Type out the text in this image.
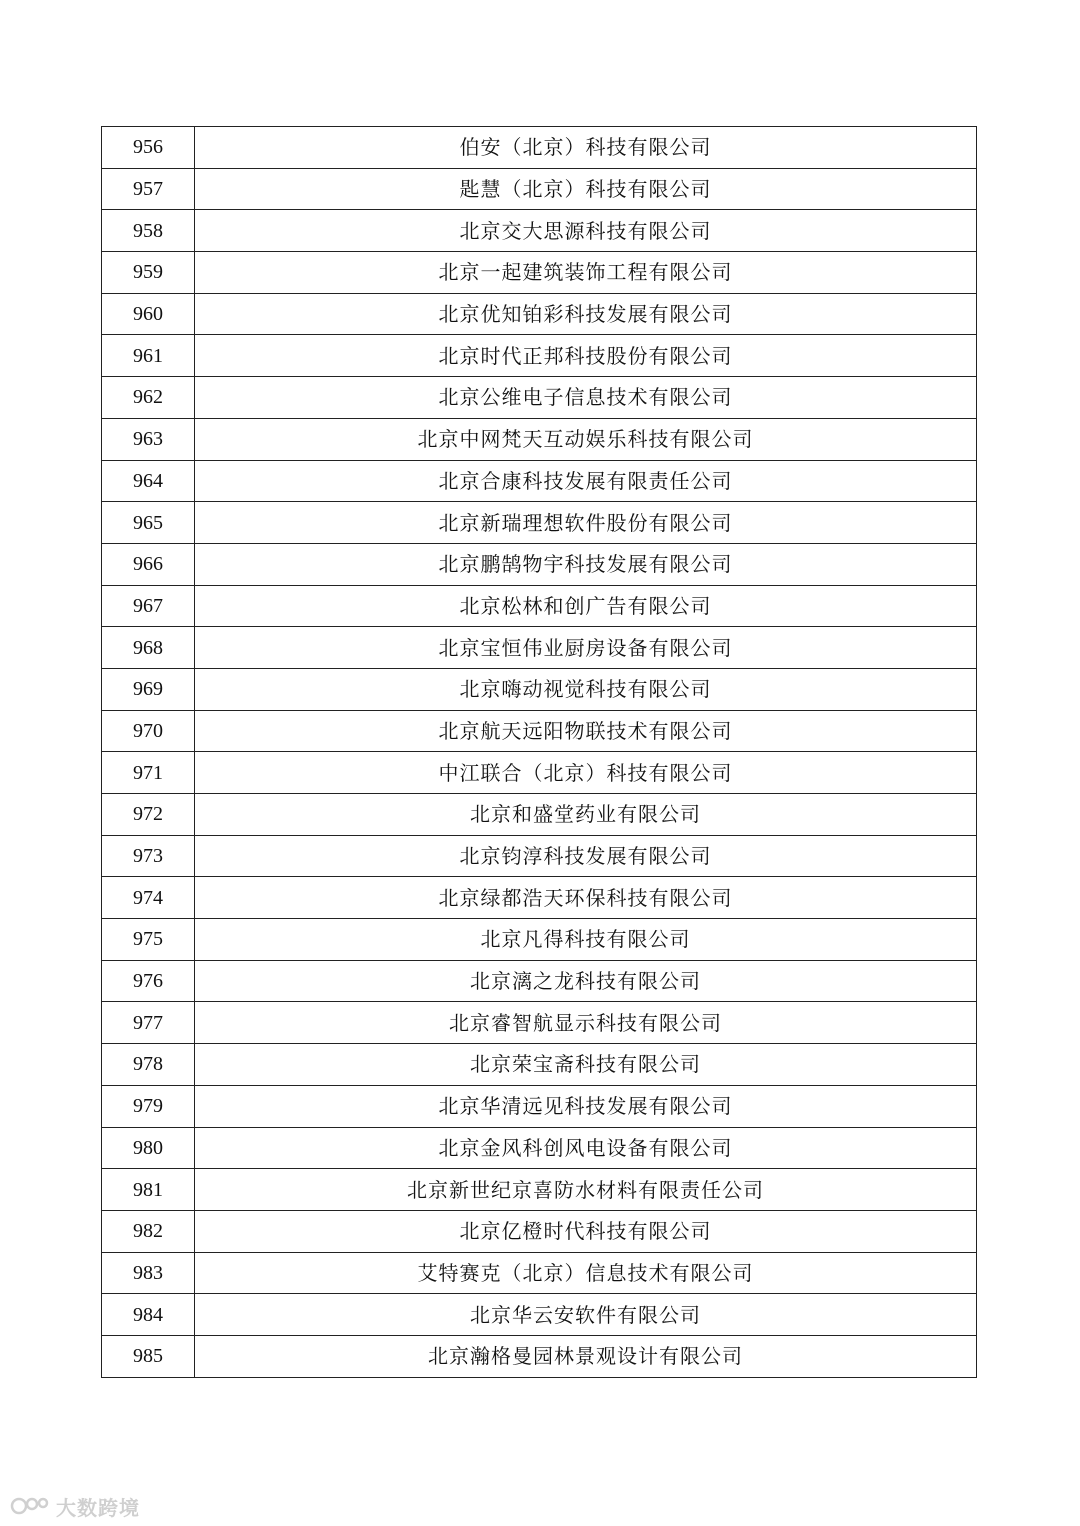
956	伯安（北京）科技有限公司
957	匙慧（北京）科技有限公司
958	北京交大思源科技有限公司
959	北京一起建筑装饰工程有限公司
960	北京优知铂彩科技发展有限公司
961	北京时代正邦科技股份有限公司
962	北京公维电子信息技术有限公司
963	北京中网梵天互动娱乐科技有限公司
964	北京合康科技发展有限责任公司
965	北京新瑞理想软件股份有限公司
966	北京鹏鹄物宇科技发展有限公司
967	北京松林和创广告有限公司
968	北京宝恒伟业厨房设备有限公司
969	北京嗨动视觉科技有限公司
970	北京航天远阳物联技术有限公司
971	中江联合（北京）科技有限公司
972	北京和盛堂药业有限公司
973	北京钧淳科技发展有限公司
974	北京绿都浩天环保科技有限公司
975	北京凡得科技有限公司
976	北京漓之龙科技有限公司
977	北京睿智航显示科技有限公司
978	北京荣宝斋科技有限公司
979	北京华清远见科技发展有限公司
980	北京金风科创风电设备有限公司
981	北京新世纪京喜防水材料有限责任公司
982	北京亿橙时代科技有限公司
983	艾特赛克（北京）信息技术有限公司
984	北京华云安软件有限公司
985	北京瀚格曼园林景观设计有限公司
大数跨境
